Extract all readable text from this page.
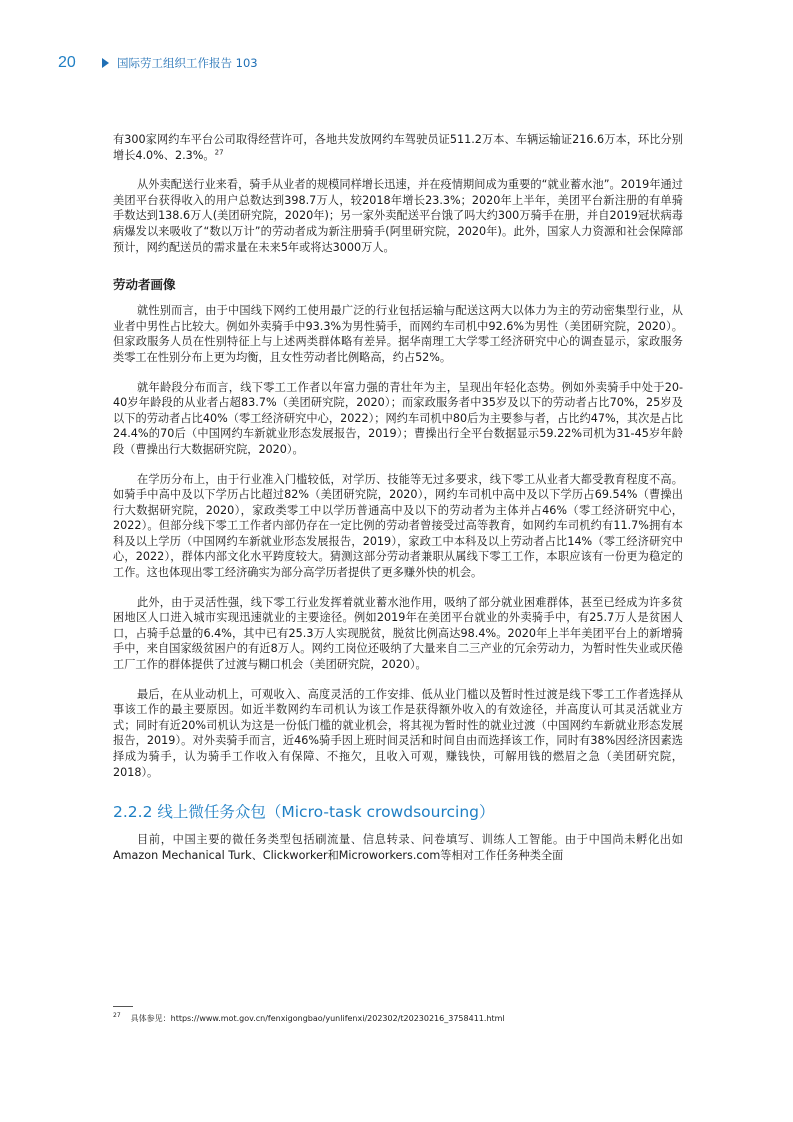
20	国际劳工组织工作报告 103

有300家网约车平台公司取得经营许可，各地共发放网约车驾驶员证511.2万本、车辆运输证216.6万本，环比分别增长4.0%、2.3%。$^{27}$

从外卖配送行业来看，骑手从业者的规模同样增长迅速，并在疫情期间成为重要的“就业蓄水池”。2019年通过美团平台获得收入的用户总数达到398.7万人，较2018年增长23.3%；2020年上半年，美团平台新注册的有单骑手数达到138.6万人(美团研究院，2020年)；另一家外卖配送平台饿了吗大约300万骑手在册，并自2019冠状病毒病爆发以来吸收了“数以万计”的劳动者成为新注册骑手(阿里研究院，2020年)。此外，国家人力资源和社会保障部预计，网约配送员的需求量在未来5年或将达3000万人。

劳动者画像

就性别而言，由于中国线下网约工使用最广泛的行业包括运输与配送这两大以体力为主的劳动密集型行业，从业者中男性占比较大。例如外卖骑手中93.3%为男性骑手，而网约车司机中92.6%为男性（美团研究院，2020）。但家政服务人员在性别特征上与上述两类群体略有差异。据华南理工大学零工经济研究中心的调查显示，家政服务类零工在性别分布上更为均衡，且女性劳动者比例略高，约占52%。

就年龄段分布而言，线下零工工作者以年富力强的青壮年为主，呈现出年轻化态势。例如外卖骑手中处于20-40岁年龄段的从业者占超83.7%（美团研究院，2020）；而家政服务者中35岁及以下的劳动者占比70%，25岁及以下的劳动者占比40%（零工经济研究中心，2022）；网约车司机中80后为主要参与者，占比约47%，其次是占比24.4%的70后（中国网约车新就业形态发展报告，2019）；曹操出行全平台数据显示59.22%司机为31-45岁年龄段（曹操出行大数据研究院，2020）。

在学历分布上，由于行业准入门槛较低，对学历、技能等无过多要求，线下零工从业者大都受教育程度不高。如骑手中高中及以下学历占比超过82%（美团研究院，2020），网约车司机中高中及以下学历占69.54%（曹操出行大数据研究院，2020），家政类零工中以学历普通高中及以下的劳动者为主体并占46%（零工经济研究中心，2022）。但部分线下零工工作者内部仍存在一定比例的劳动者曾接受过高等教育，如网约车司机约有11.7%拥有本科及以上学历（中国网约车新就业形态发展报告，2019），家政工中本科及以上劳动者占比14%（零工经济研究中心，2022），群体内部文化水平跨度较大。猜测这部分劳动者兼职从属线下零工工作，本职应该有一份更为稳定的工作。这也体现出零工经济确实为部分高学历者提供了更多赚外快的机会。

此外，由于灵活性强，线下零工行业发挥着就业蓄水池作用，吸纳了部分就业困难群体，甚至已经成为许多贫困地区人口进入城市实现迅速就业的主要途径。例如2019年在美团平台就业的外卖骑手中，有25.7万人是贫困人口，占骑手总量的6.4%，其中已有25.3万人实现脱贫，脱贫比例高达98.4%。2020年上半年美团平台上的新增骑手中，来自国家级贫困户的有近8万人。网约工岗位还吸纳了大量来自二三产业的冗余劳动力，为暂时性失业或厌倦工厂工作的群体提供了过渡与糊口机会（美团研究院，2020）。

最后，在从业动机上，可观收入、高度灵活的工作安排、低从业门槛以及暂时性过渡是线下零工工作者选择从事该工作的最主要原因。如近半数网约车司机认为该工作是获得额外收入的有效途径，并高度认可其灵活就业方式；同时有近20%司机认为这是一份低门槛的就业机会，将其视为暂时性的就业过渡（中国网约车新就业形态发展报告，2019）。对外卖骑手而言，近46%骑手因上班时间灵活和时间自由而选择该工作，同时有38%因经济因素选择成为骑手，认为骑手工作收入有保障、不拖欠，且收入可观，赚钱快，可解用钱的燃眉之急（美团研究院，2018）。

2.2.2 线上微任务众包（Micro-task crowdsourcing）

目前，中国主要的微任务类型包括刷流量、信息转录、问卷填写、训练人工智能。由于中国尚未孵化出如Amazon Mechanical Turk、Clickworker和Microworkers.com等相对工作任务种类全面

$^{27}$ 具体参见：https://www.mot.gov.cn/fenxigongbao/yunlifenxi/202302/t20230216_3758411.html
